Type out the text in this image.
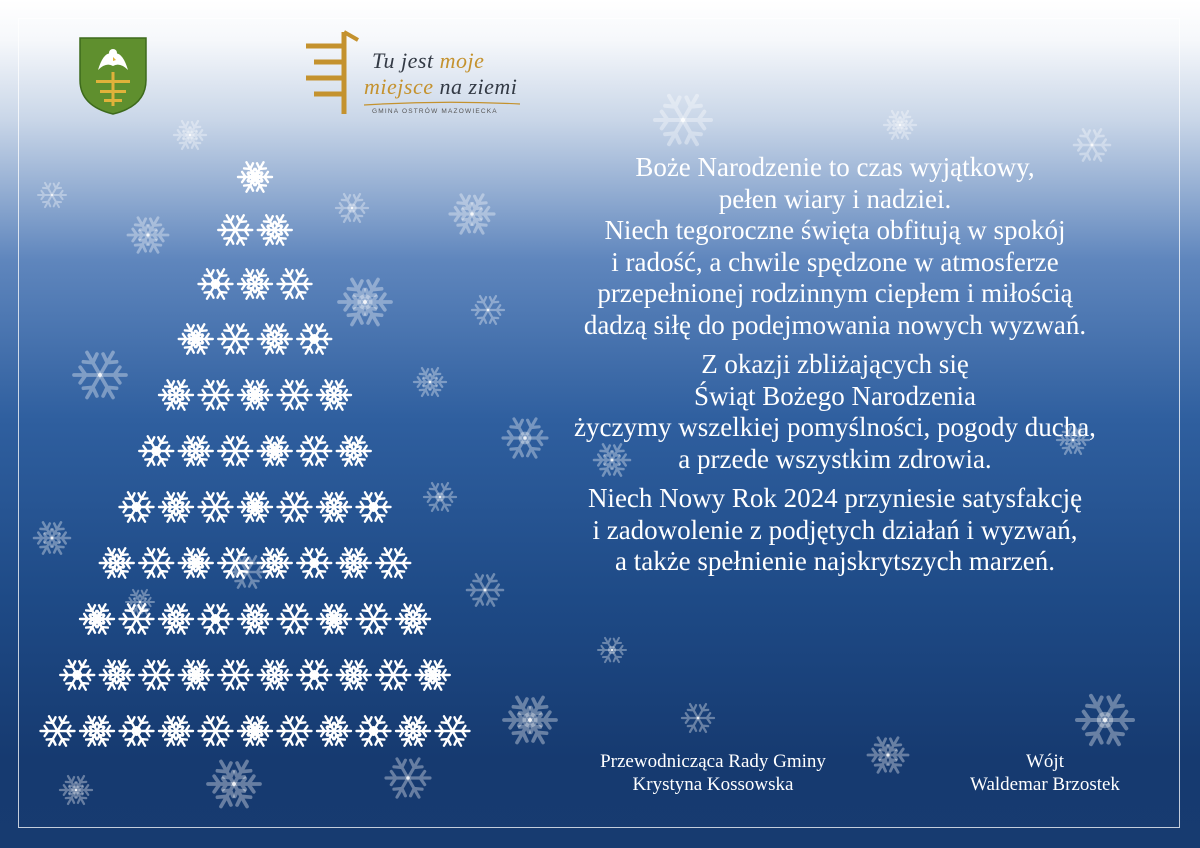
Tu jest moje
miejsce na ziemi
GMINA OSTRÓW MAZOWIECKA
Boże Narodzenie to czas wyjątkowy,
pełen wiary i nadziei.
Niech tegoroczne święta obfitują w spokój
i radość, a chwile spędzone w atmosferze
przepełnionej rodzinnym ciepłem i miłością
dadzą siłę do podejmowania nowych wyzwań.
Z okazji zbliżających się
Świąt Bożego Narodzenia
życzymy wszelkiej pomyślności, pogody ducha,
a przede wszystkim zdrowia.
Niech Nowy Rok 2024 przyniesie satysfakcję
i zadowolenie z podjętych działań i wyzwań,
a także spełnienie najskrytszych marzeń.
Przewodnicząca Rady Gminy
Krystyna Kossowska
Wójt
Waldemar Brzostek
